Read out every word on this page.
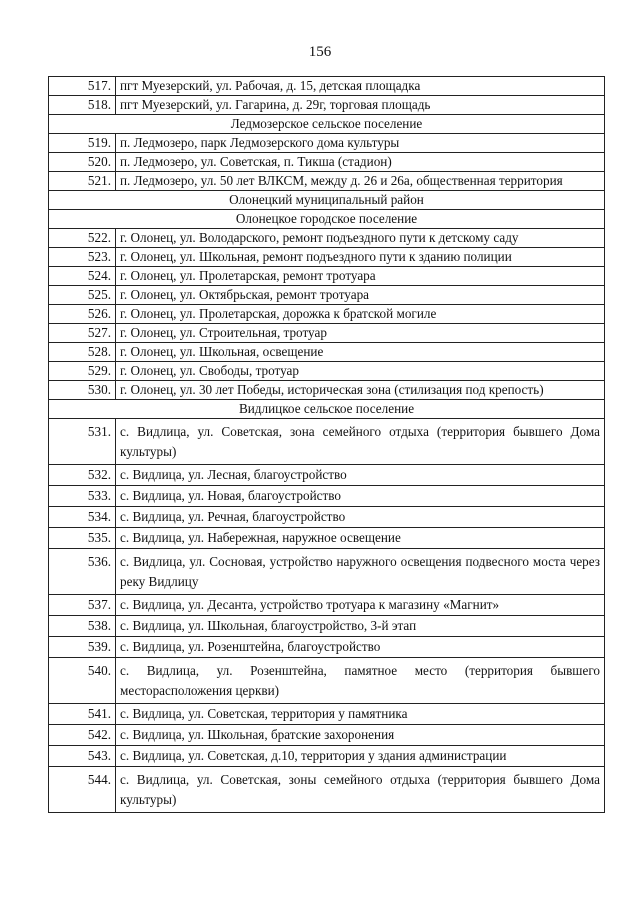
156
517.	пгт Муезерский, ул. Рабочая, д. 15, детская площадка
518.	пгт Муезерский, ул. Гагарина, д. 29г, торговая площадь
Ледмозерское сельское поселение	
519.	п. Ледмозеро, парк Ледмозерского дома культуры
520.	п. Ледмозеро, ул. Советская, п. Тикша (стадион)
521.	п. Ледмозеро, ул. 50 лет ВЛКСМ, между д. 26 и 26а, общественная территория
Олонецкий муниципальный район	
Олонецкое городское поселение	
522.	г. Олонец, ул. Володарского, ремонт подъездного пути к детскому саду
523.	г. Олонец, ул. Школьная, ремонт подъездного пути к зданию полиции
524.	г. Олонец, ул. Пролетарская, ремонт тротуара
525.	г. Олонец, ул. Октябрьская, ремонт тротуара
526.	г. Олонец, ул. Пролетарская, дорожка к братской могиле
527.	г. Олонец, ул. Строительная, тротуар
528.	г. Олонец, ул. Школьная, освещение
529.	г. Олонец, ул. Свободы, тротуар
530.	г. Олонец, ул. 30 лет Победы, историческая зона (стилизация под крепость)
Видлицкое сельское поселение	
531.	с. Видлица, ул. Советская, зона семейного отдыха (территория бывшего Дома культуры)
532.	с. Видлица, ул. Лесная, благоустройство
533.	с. Видлица, ул. Новая, благоустройство
534.	с. Видлица, ул. Речная, благоустройство
535.	с. Видлица, ул. Набережная, наружное освещение
536.	с. Видлица, ул. Сосновая, устройство наружного освещения подвесного моста через реку Видлицу
537.	с. Видлица, ул. Десанта, устройство тротуара к магазину «Магнит»
538.	с. Видлица, ул. Школьная, благоустройство, 3-й этап
539.	с. Видлица, ул. Розенштейна, благоустройство
540.	с. Видлица, ул. Розенштейна, памятное место (территория бывшего месторасположения церкви)
541.	с. Видлица, ул. Советская, территория у памятника
542.	с. Видлица, ул. Школьная, братские захоронения
543.	с. Видлица, ул. Советская, д.10, территория у здания администрации
544.	с. Видлица, ул. Советская, зоны семейного отдыха (территория бывшего Дома культуры)
